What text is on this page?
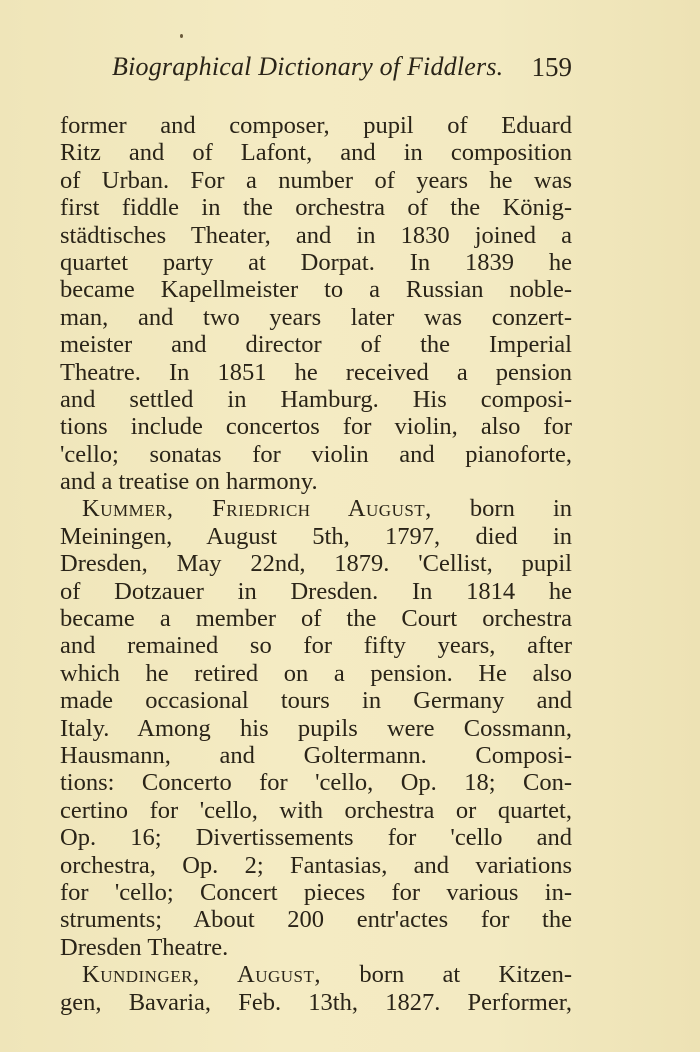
Biographical Dictionary of Fiddlers. 159
former and composer, pupil of Eduard
Ritz and of Lafont, and in composition
of Urban. For a number of years he was
first fiddle in the orchestra of the König-
städtisches Theater, and in 1830 joined a
quartet party at Dorpat. In 1839 he
became Kapellmeister to a Russian noble-
man, and two years later was conzert-
meister and director of the Imperial
Theatre. In 1851 he received a pension
and settled in Hamburg. His composi-
tions include concertos for violin, also for
'cello; sonatas for violin and pianoforte,
and a treatise on harmony.
Kummer, Friedrich August, born in
Meiningen, August 5th, 1797, died in
Dresden, May 22nd, 1879. 'Cellist, pupil
of Dotzauer in Dresden. In 1814 he
became a member of the Court orchestra
and remained so for fifty years, after
which he retired on a pension. He also
made occasional tours in Germany and
Italy. Among his pupils were Cossmann,
Hausmann, and Goltermann. Composi-
tions: Concerto for 'cello, Op. 18; Con-
certino for 'cello, with orchestra or quartet,
Op. 16; Divertissements for 'cello and
orchestra, Op. 2; Fantasias, and variations
for 'cello; Concert pieces for various in-
struments; About 200 entr'actes for the
Dresden Theatre.
Kundinger, August, born at Kitzen-
gen, Bavaria, Feb. 13th, 1827. Performer,
